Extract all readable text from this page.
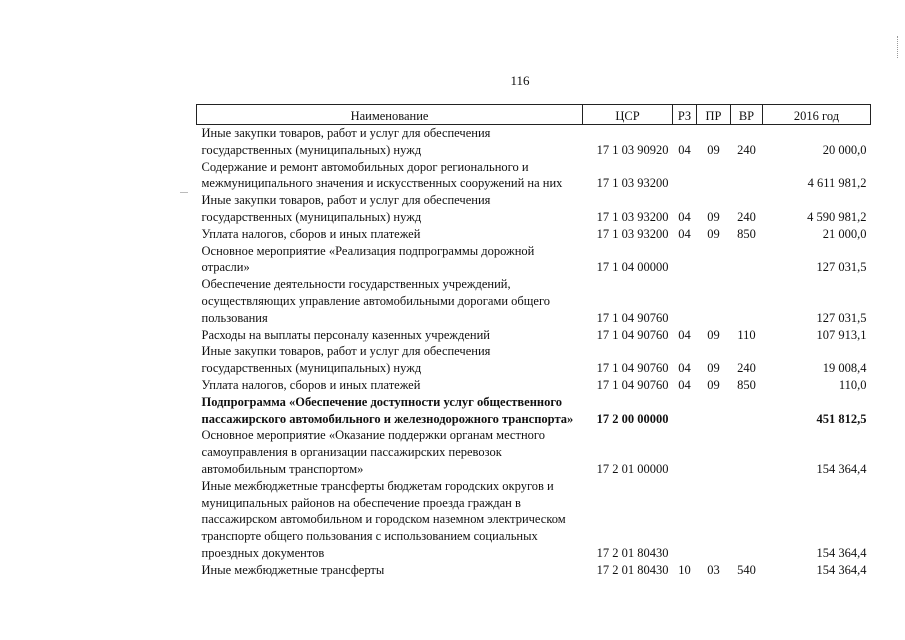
116
Наименование	ЦСР	РЗ	ПР	ВР	2016 год
Иные закупки товаров, работ и услуг для обеспечения государственных (муниципальных) нужд	17 1 03 90920	04	09	240	20 000,0
Содержание и ремонт автомобильных дорог регионального и межмуниципального значения и искусственных сооружений на них	17 1 03 93200				4 611 981,2
Иные закупки товаров, работ и услуг для обеспечения государственных (муниципальных) нужд	17 1 03 93200	04	09	240	4 590 981,2
Уплата налогов, сборов и иных платежей	17 1 03 93200	04	09	850	21 000,0
Основное мероприятие «Реализация подпрограммы дорожной отрасли»	17 1 04 00000				127 031,5
Обеспечение деятельности государственных учреждений, осуществляющих управление автомобильными дорогами общего пользования	17 1 04 90760				127 031,5
Расходы на выплаты персоналу казенных учреждений	17 1 04 90760	04	09	110	107 913,1
Иные закупки товаров, работ и услуг для обеспечения государственных (муниципальных) нужд	17 1 04 90760	04	09	240	19 008,4
Уплата налогов, сборов и иных платежей	17 1 04 90760	04	09	850	110,0
Подпрограмма «Обеспечение доступности услуг общественного пассажирского автомобильного и железнодорожного транспорта»	17 2 00 00000				451 812,5
Основное мероприятие «Оказание поддержки органам местного самоуправления в организации пассажирских перевозок автомобильным транспортом»	17 2 01 00000				154 364,4
Иные межбюджетные трансферты бюджетам городских округов и муниципальных районов на обеспечение проезда граждан в пассажирском автомобильном и городском наземном электрическом транспорте общего пользования с использованием социальных проездных документов	17 2 01 80430				154 364,4
Иные межбюджетные трансферты	17 2 01 80430	10	03	540	154 364,4
